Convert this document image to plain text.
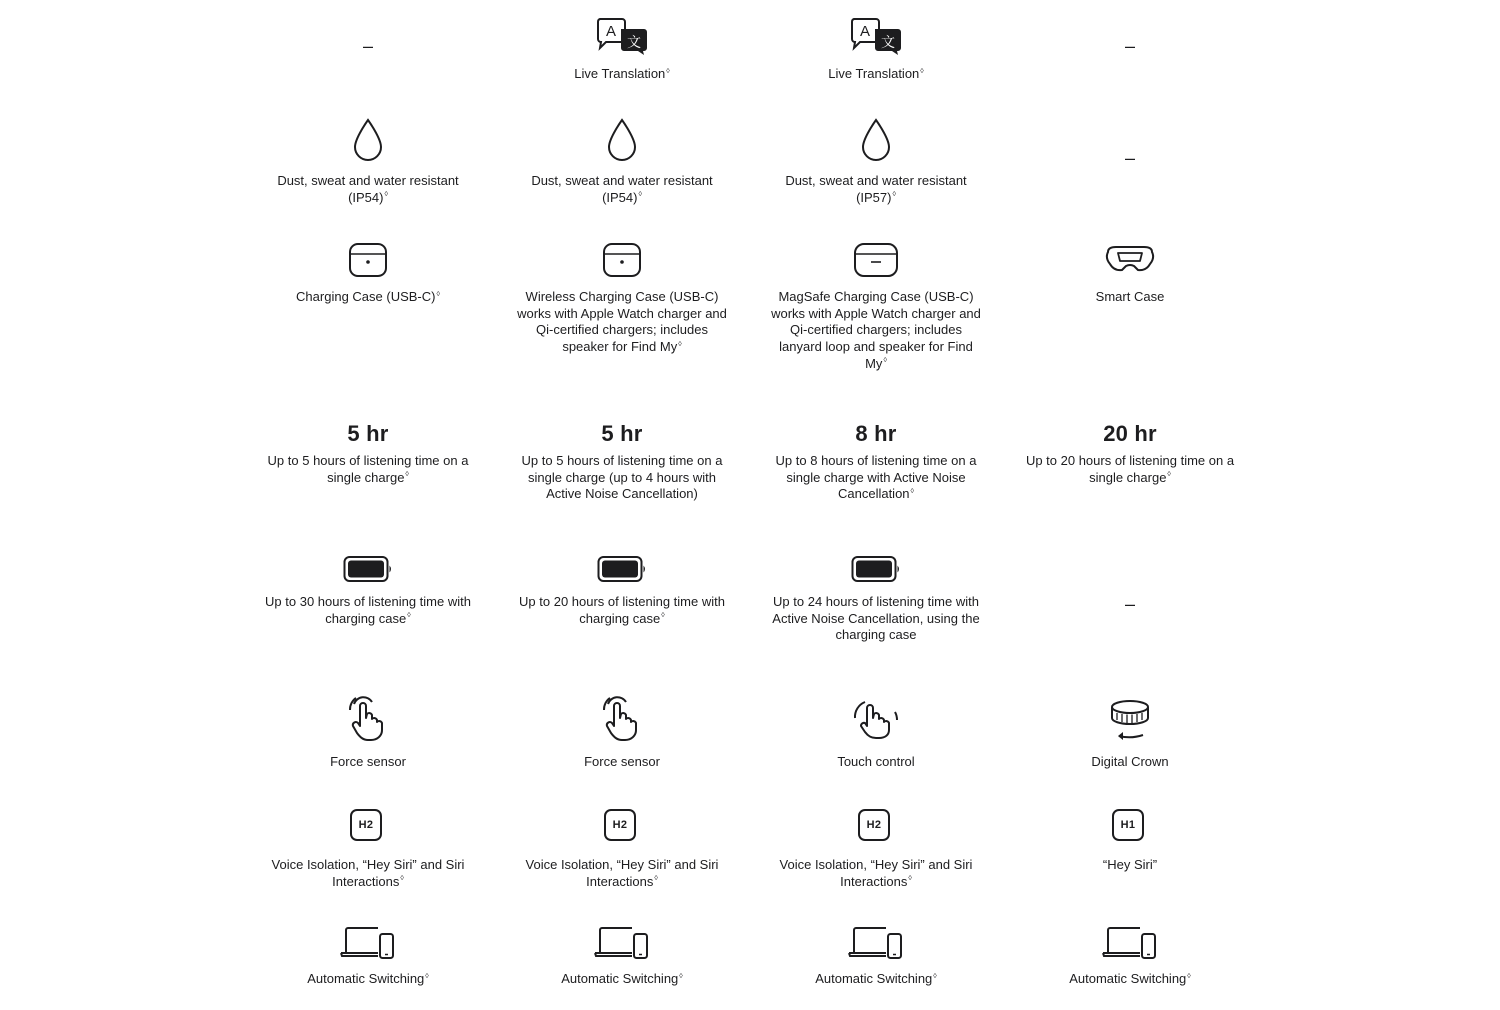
–
Dust, sweat and water resistant (IP54)◊
Charging Case (USB-C)◊
5 hr
Up to 5 hours of listening time on a single charge◊
Up to 30 hours of listening time with charging case◊
Force sensor
H2
Voice Isolation, “Hey Siri” and Siri Interactions◊
Automatic Switching◊
A
文
Live Translation◊
Dust, sweat and water resistant (IP54)◊
Wireless Charging Case (USB-C) works with Apple Watch charger and Qi-certified chargers; includes speaker for Find My◊
5 hr
Up to 5 hours of listening time on a single charge (up to 4 hours with Active Noise Cancellation)
Up to 20 hours of listening time with charging case◊
Force sensor
H2
Voice Isolation, “Hey Siri” and Siri Interactions◊
Automatic Switching◊
A
文
Live Translation◊
Dust, sweat and water resistant (IP57)◊
MagSafe Charging Case (USB-C) works with Apple Watch charger and Qi-certified chargers; includes lanyard loop and speaker for Find My◊
8 hr
Up to 8 hours of listening time on a single charge with Active Noise Cancellation◊
Up to 24 hours of listening time with Active Noise Cancellation, using the charging case
Touch control
H2
Voice Isolation, “Hey Siri” and Siri Interactions◊
Automatic Switching◊
–
–
Smart Case
20 hr
Up to 20 hours of listening time on a single charge◊
–
Digital Crown
H1
“Hey Siri”
Automatic Switching◊
